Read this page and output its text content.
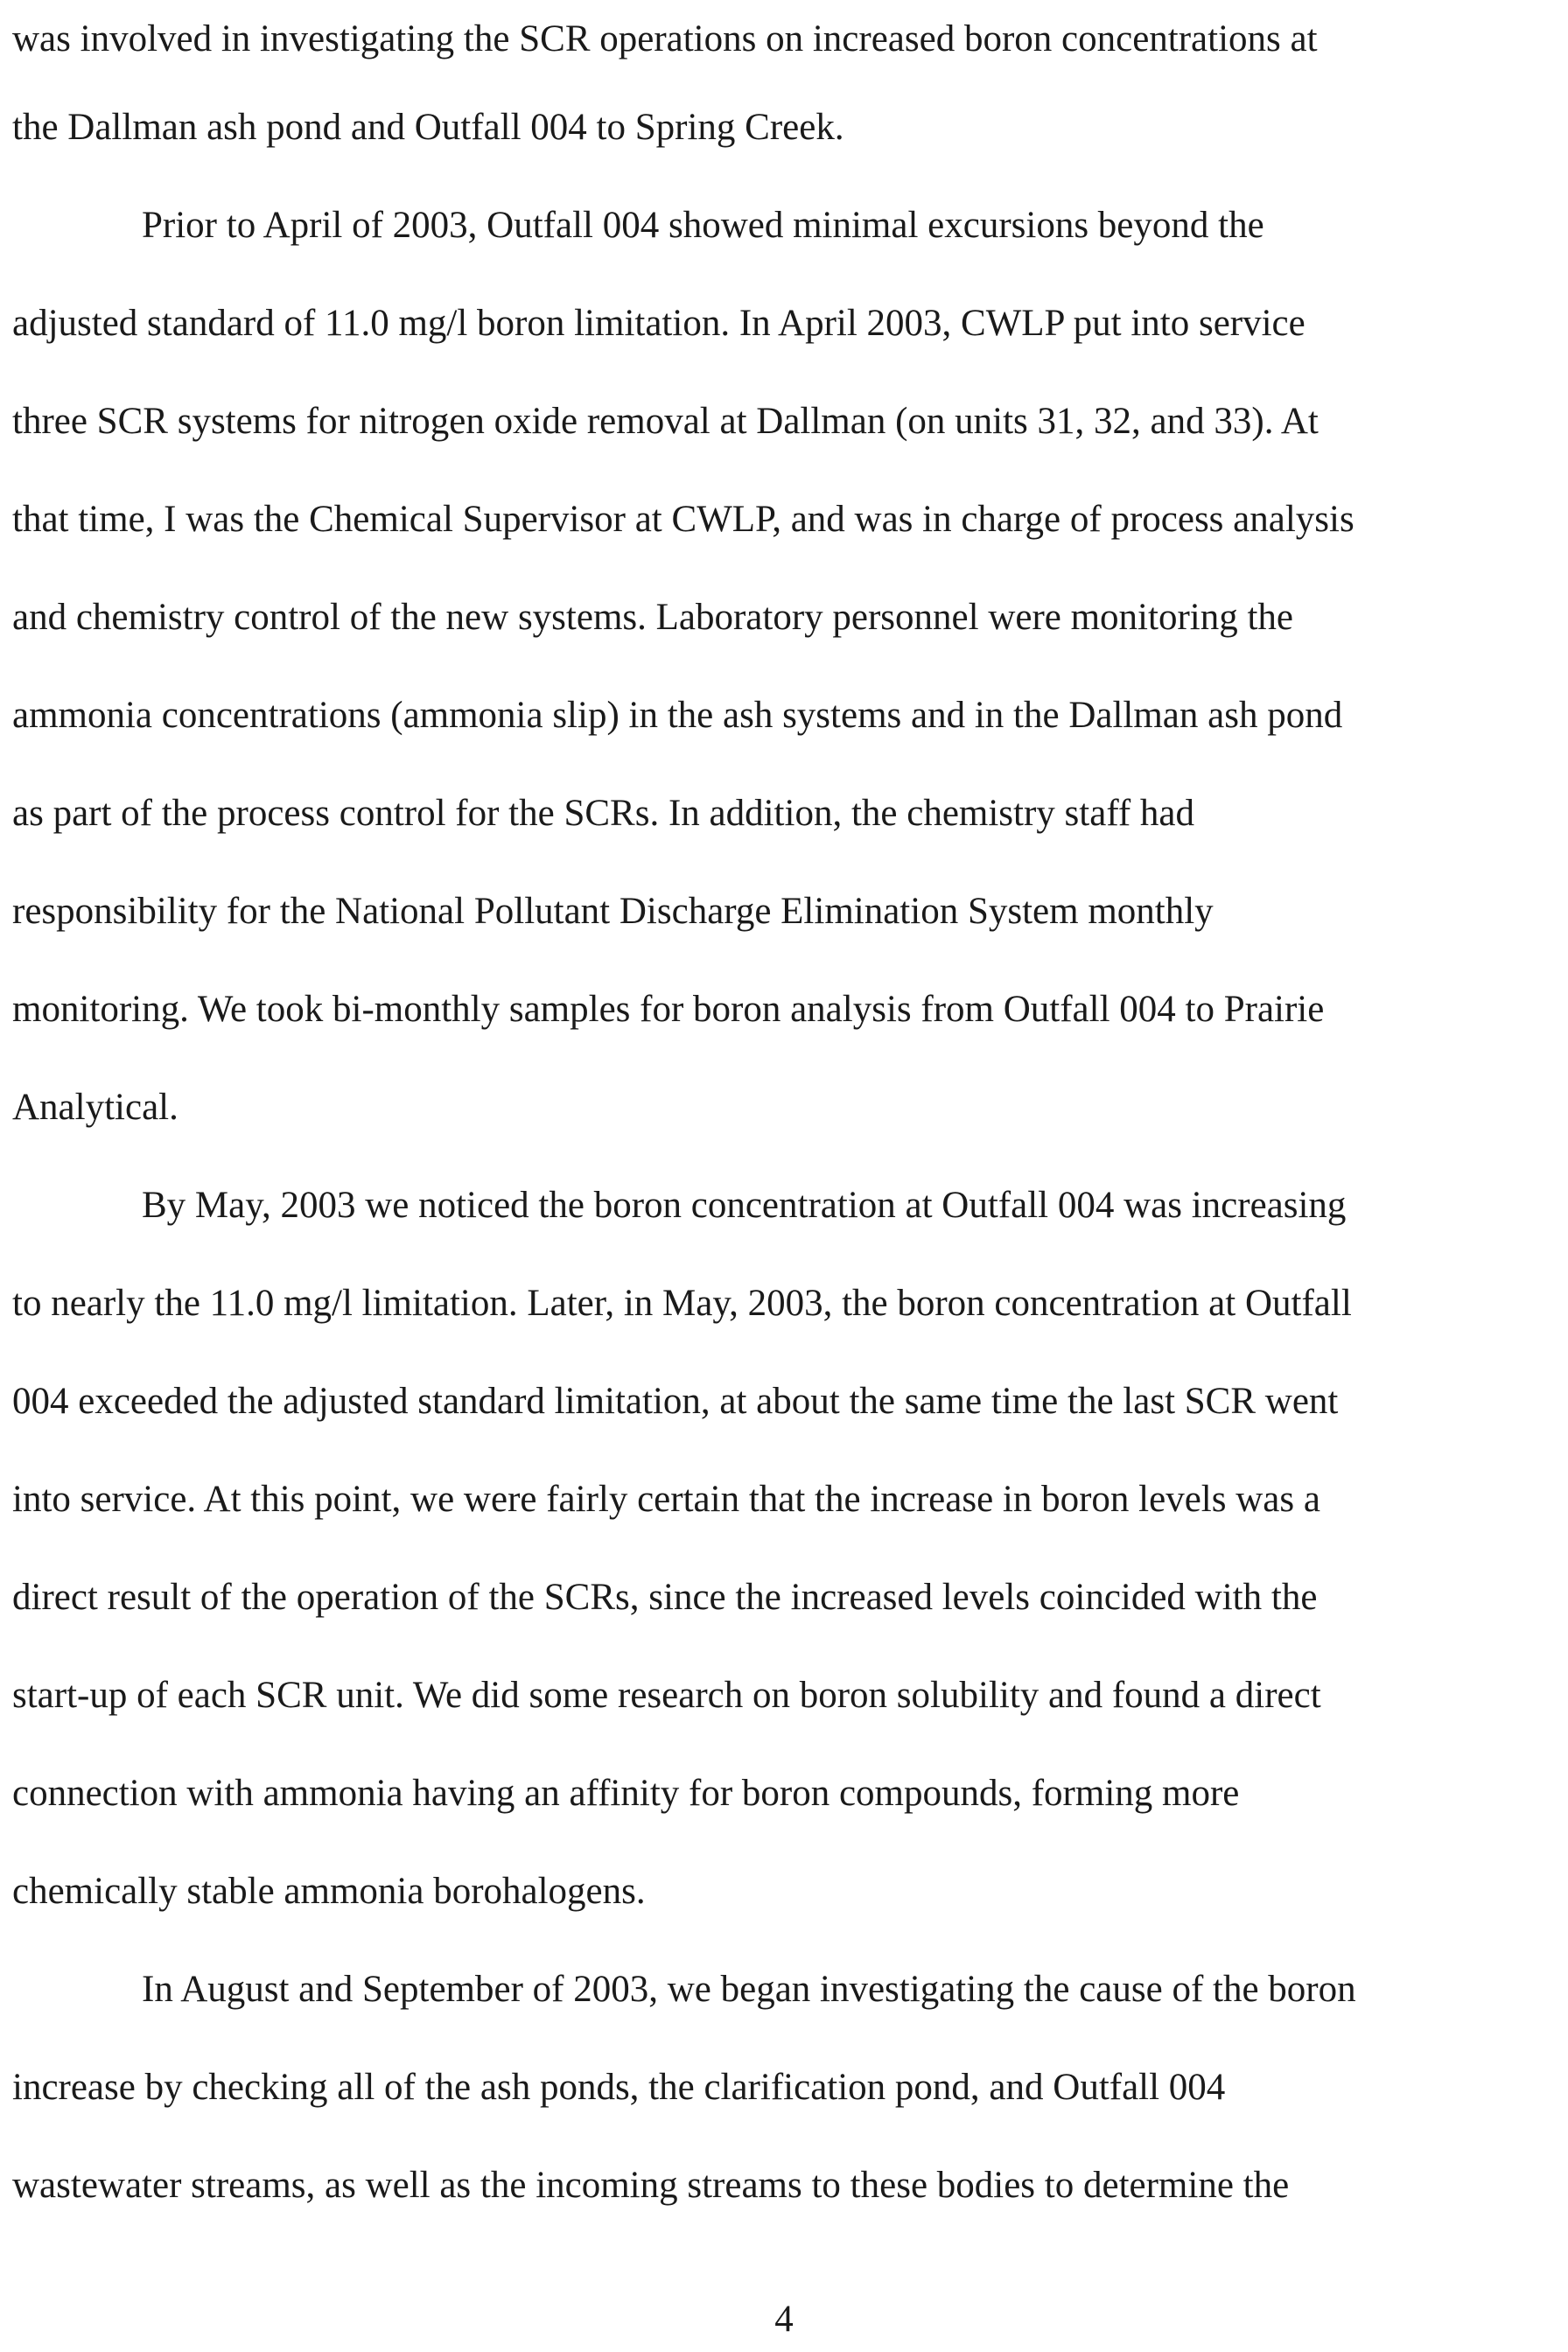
was involved in investigating the SCR operations on increased boron concentrations at
the Dallman ash pond and Outfall 004 to Spring Creek.
Prior to April of 2003, Outfall 004 showed minimal excursions beyond the
adjusted standard of 11.0 mg/l boron limitation. In April 2003, CWLP put into service
three SCR systems for nitrogen oxide removal at Dallman (on units 31, 32, and 33). At
that time, I was the Chemical Supervisor at CWLP, and was in charge of process analysis
and chemistry control of the new systems. Laboratory personnel were monitoring the
ammonia concentrations (ammonia slip) in the ash systems and in the Dallman ash pond
as part of the process control for the SCRs. In addition, the chemistry staff had
responsibility for the National Pollutant Discharge Elimination System monthly
monitoring. We took bi-monthly samples for boron analysis from Outfall 004 to Prairie
Analytical.
By May, 2003 we noticed the boron concentration at Outfall 004 was increasing
to nearly the 11.0 mg/l limitation. Later, in May, 2003, the boron concentration at Outfall
004 exceeded the adjusted standard limitation, at about the same time the last SCR went
into service. At this point, we were fairly certain that the increase in boron levels was a
direct result of the operation of the SCRs, since the increased levels coincided with the
start-up of each SCR unit. We did some research on boron solubility and found a direct
connection with ammonia having an affinity for boron compounds, forming more
chemically stable ammonia borohalogens.
In August and September of 2003, we began investigating the cause of the boron
increase by checking all of the ash ponds, the clarification pond, and Outfall 004
wastewater streams, as well as the incoming streams to these bodies to determine the
4
